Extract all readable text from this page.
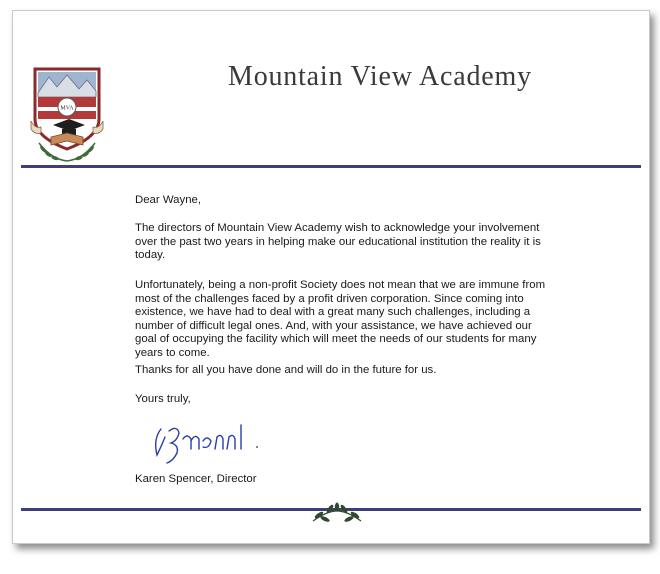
MVA
Mountain View Academy

Dear Wayne,

The directors of Mountain View Academy wish to acknowledge your involvement over the past two years in helping make our educational institution the reality it is today.

Unfortunately, being a non-profit Society does not mean that we are immune from most of the challenges faced by a profit driven corporation. Since coming into existence, we have had to deal with a great many such challenges, including a number of difficult legal ones. And, with your assistance, we have achieved our goal of occupying the facility which will meet the needs of our students for many years to come.

Thanks for all you have done and will do in the future for us.

Yours truly,

Karen Spencer, Director
